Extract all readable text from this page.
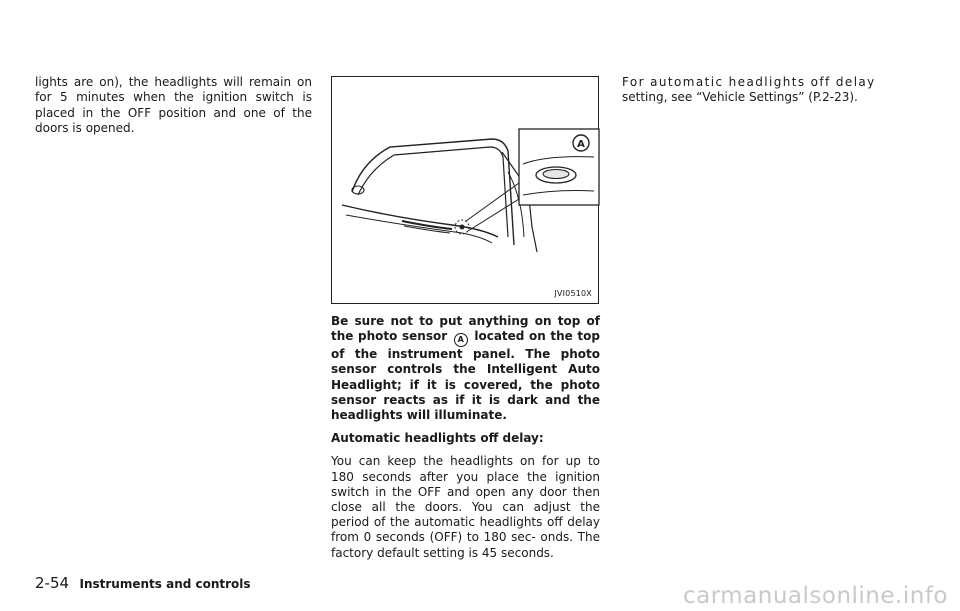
lights are on), the headlights will remain on for 5 minutes when the ignition switch is placed in the OFF position and one of the doors is opened.

A
JVI0510X

Be sure not to put anything on top of the photo sensor A located on the top of the instrument panel. The photo sensor controls the Intelligent Auto Headlight; if it is covered, the photo sensor reacts as if it is dark and the headlights will illuminate.

Automatic headlights off delay:

You can keep the headlights on for up to 180 seconds after you place the ignition switch in the OFF and open any door then close all the doors. You can adjust the period of the automatic headlights off delay from 0 seconds (OFF) to 180 sec- onds. The factory default setting is 45 seconds.

For automatic headlights off delay

setting, see “Vehicle Settings” (P.2-23).

2-54 Instruments and controls	carmanualsonline.info
